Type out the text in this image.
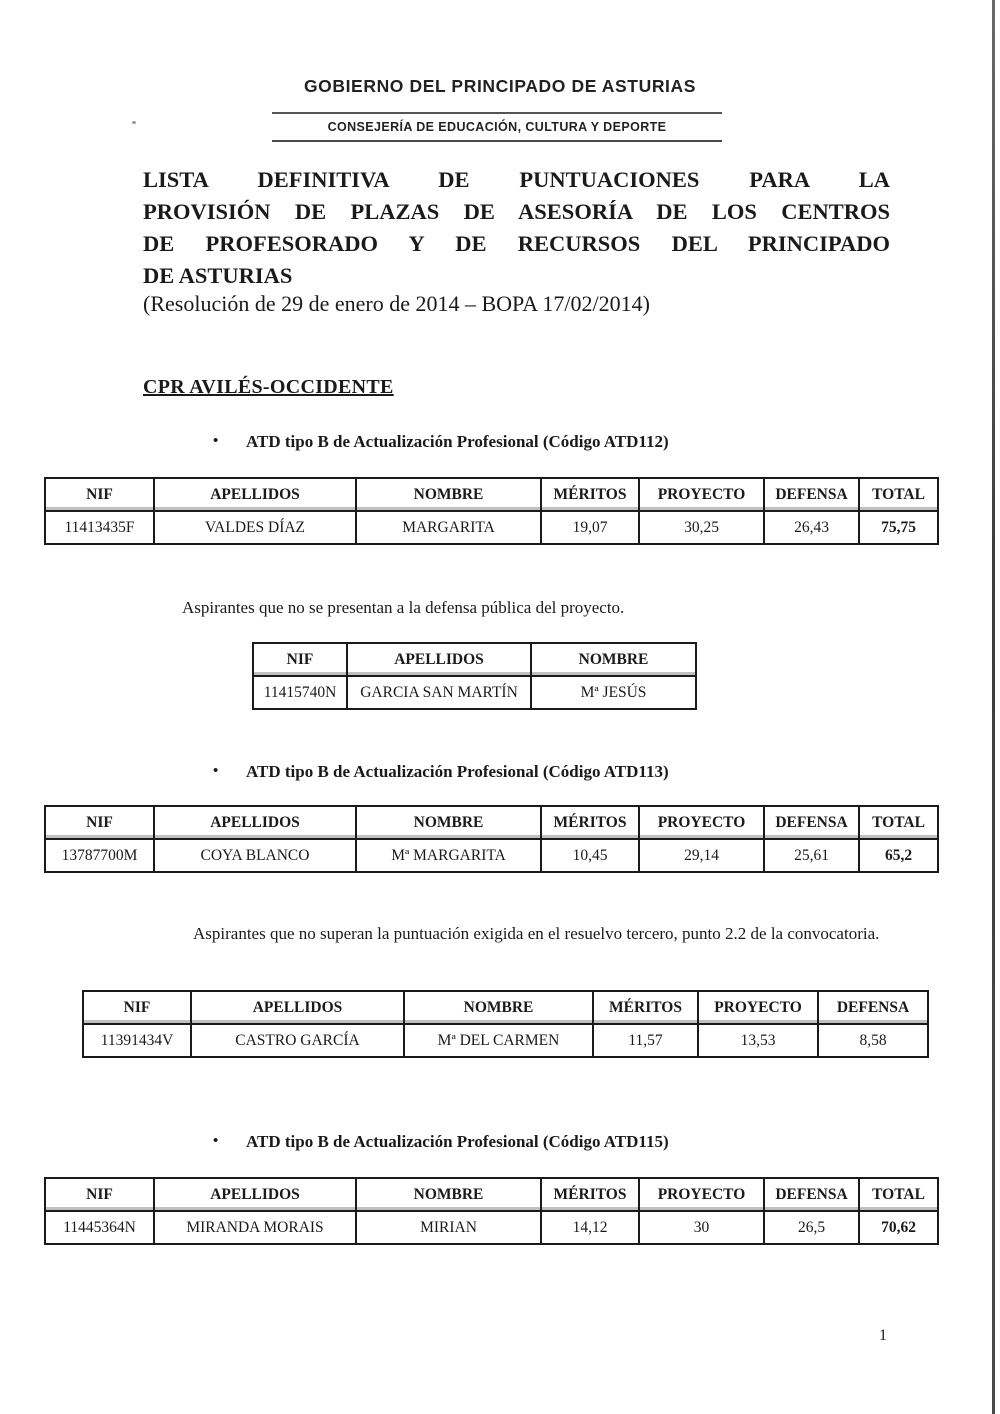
GOBIERNO DEL PRINCIPADO DE ASTURIAS
CONSEJERÍA DE EDUCACIÓN, CULTURA Y DEPORTE
LISTA DEFINITIVA DE PUNTUACIONES PARA LA
PROVISIÓN DE PLAZAS DE ASESORÍA DE LOS CENTROS
DE PROFESORADO Y DE RECURSOS DEL PRINCIPADO
DE ASTURIAS
(Resolución de 29 de enero de 2014 – BOPA 17/02/2014)
CPR AVILÉS-OCCIDENTE
•	ATD tipo B de Actualización Profesional (Código ATD112)
NIF	APELLIDOS	NOMBRE	MÉRITOS	PROYECTO	DEFENSA	TOTAL
11413435F	VALDES DÍAZ	MARGARITA	19,07	30,25	26,43	75,75
Aspirantes que no se presentan a la defensa pública del proyecto.
NIF	APELLIDOS	NOMBRE
11415740N	GARCIA SAN MARTÍN	Mª JESÚS
•	ATD tipo B de Actualización Profesional (Código ATD113)
NIF	APELLIDOS	NOMBRE	MÉRITOS	PROYECTO	DEFENSA	TOTAL
13787700M	COYA BLANCO	Mª MARGARITA	10,45	29,14	25,61	65,2
Aspirantes que no superan la puntuación exigida en el resuelvo tercero, punto 2.2 de la convocatoria.
NIF	APELLIDOS	NOMBRE	MÉRITOS	PROYECTO	DEFENSA
11391434V	CASTRO GARCÍA	Mª DEL CARMEN	11,57	13,53	8,58
•	ATD tipo B de Actualización Profesional (Código ATD115)
NIF	APELLIDOS	NOMBRE	MÉRITOS	PROYECTO	DEFENSA	TOTAL
11445364N	MIRANDA MORAIS	MIRIAN	14,12	30	26,5	70,62
1
